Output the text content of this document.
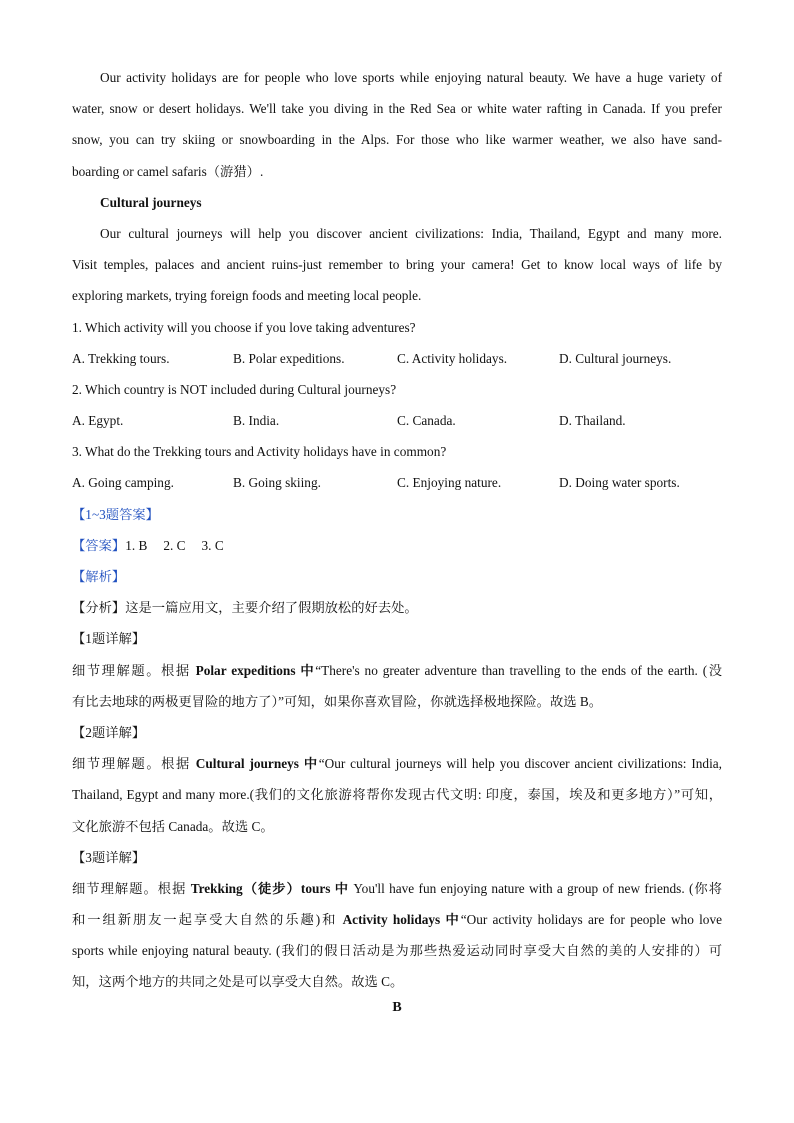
Our activity holidays are for people who love sports while enjoying natural beauty. We have a huge variety of
water, snow or desert holidays. We'll take you diving in the Red Sea or white water rafting in Canada. If you prefer
snow, you can try skiing or snowboarding in the Alps. For those who like warmer weather, we also have sand-
boarding or camel safaris（游猎）.
Cultural journeys
Our cultural journeys will help you discover ancient civilizations: India, Thailand, Egypt and many more.
Visit temples, palaces and ancient ruins-just remember to bring your camera! Get to know local ways of life by
exploring markets, trying foreign foods and meeting local people.
1. Which activity will you choose if you love taking adventures?
A. Trekking tours.	B. Polar expeditions.	C. Activity holidays.	D. Cultural journeys.
2. Which country is NOT included during Cultural journeys?
A. Egypt.	B. India.	C. Canada.	D. Thailand.
3. What do the Trekking tours and Activity holidays have in common?
A. Going camping.	B. Going skiing.	C. Enjoying nature.	D. Doing water sports.
【1~3题答案】
【答案】1. B 2. C 3. C
【解析】
【分析】这是一篇应用文，主要介绍了假期放松的好去处。
【1题详解】
细节理解题。根据 Polar expeditions 中“There's no greater adventure than travelling to the ends of the earth. (没
有比去地球的两极更冒险的地方了）”可知，如果你喜欢冒险，你就选择极地探险。故选 B。
【2题详解】
细节理解题。根据 Cultural journeys 中“Our cultural journeys will help you discover ancient civilizations: India,
Thailand, Egypt and many more.(我们的文化旅游将帮你发现古代文明: 印度，泰国，埃及和更多地方）”可知，
文化旅游不包括 Canada。故选 C。
【3题详解】
细节理解题。根据 Trekking（徒步）tours 中 You'll have fun enjoying nature with a group of new friends. (你将
和一组新朋友一起享受大自然的乐趣)和 Activity holidays 中“Our activity holidays are for people who love
sports while enjoying natural beauty. (我们的假日活动是为那些热爱运动同时享受大自然的美的人安排的）可
知，这两个地方的共同之处是可以享受大自然。故选 C。
B
